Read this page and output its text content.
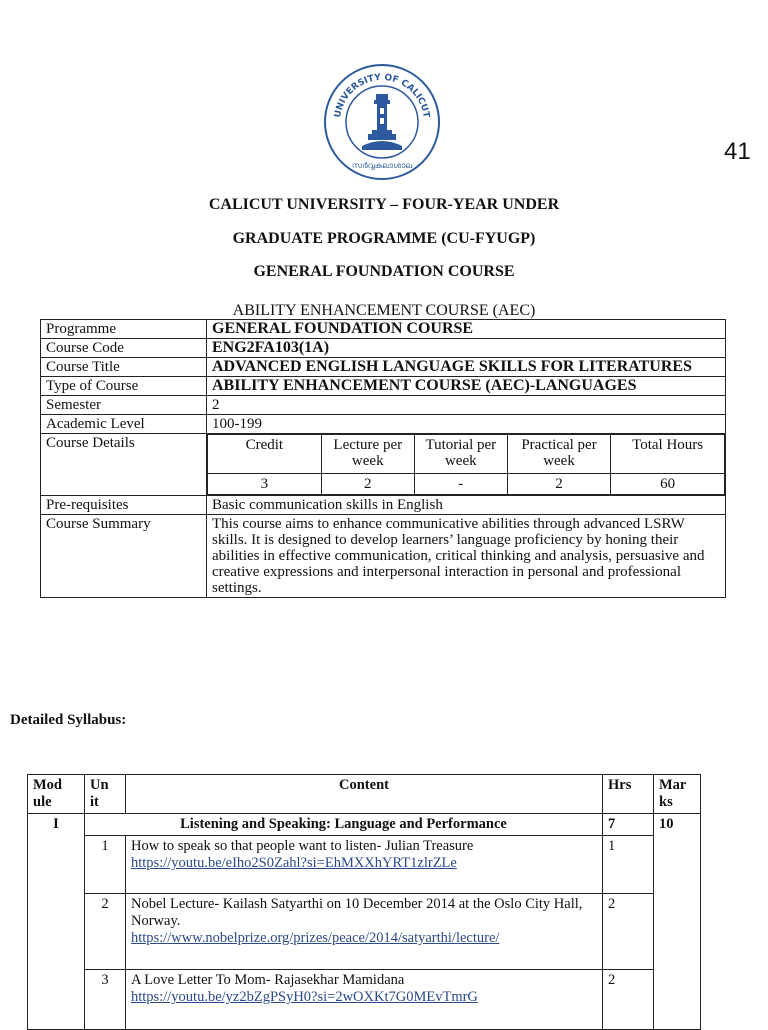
UNIVERSITY OF CALICUT
സർവ്വകലാശാല
41
CALICUT UNIVERSITY – FOUR-YEAR UNDER
GRADUATE PROGRAMME (CU-FYUGP)
GENERAL FOUNDATION COURSE
ABILITY ENHANCEMENT COURSE (AEC)
Programme	GENERAL FOUNDATION COURSE
Course Code	ENG2FA103(1A)
Course Title	ADVANCED ENGLISH LANGUAGE SKILLS FOR LITERATURES
Type of Course	ABILITY ENHANCEMENT COURSE (AEC)-LANGUAGES
Semester	2
Academic Level	100-199
Course Details		Credit	Lecture per week	Tutorial per week	Practical per week	Total Hours
3	2	-	2	60

Pre-requisites	Basic communication skills in English
Course Summary	This course aims to enhance communicative abilities through advanced LSRW skills. It is designed to develop learners’ language proficiency by honing their abilities in effective communication, critical thinking and analysis, persuasive and creative expressions and interpersonal interaction in personal and professional settings.
Detailed Syllabus:
Mod ule	Un it	Content	Hrs	Mar ks
I	Listening and Speaking: Language and Performance		7	10
	1	How to speak so that people want to listen- Julian Treasure
https://youtu.be/eIho2S0Zahl?si=EhMXXhYRT1zlrZLe	1	
	2	Nobel Lecture- Kailash Satyarthi on 10 December 2014 at the Oslo City Hall, Norway.
https://www.nobelprize.org/prizes/peace/2014/satyarthi/lecture/	2	
	3	A Love Letter To Mom- Rajasekhar Mamidana
https://youtu.be/yz2bZgPSyH0?si=2wOXKt7G0MEvTmrG	2	
